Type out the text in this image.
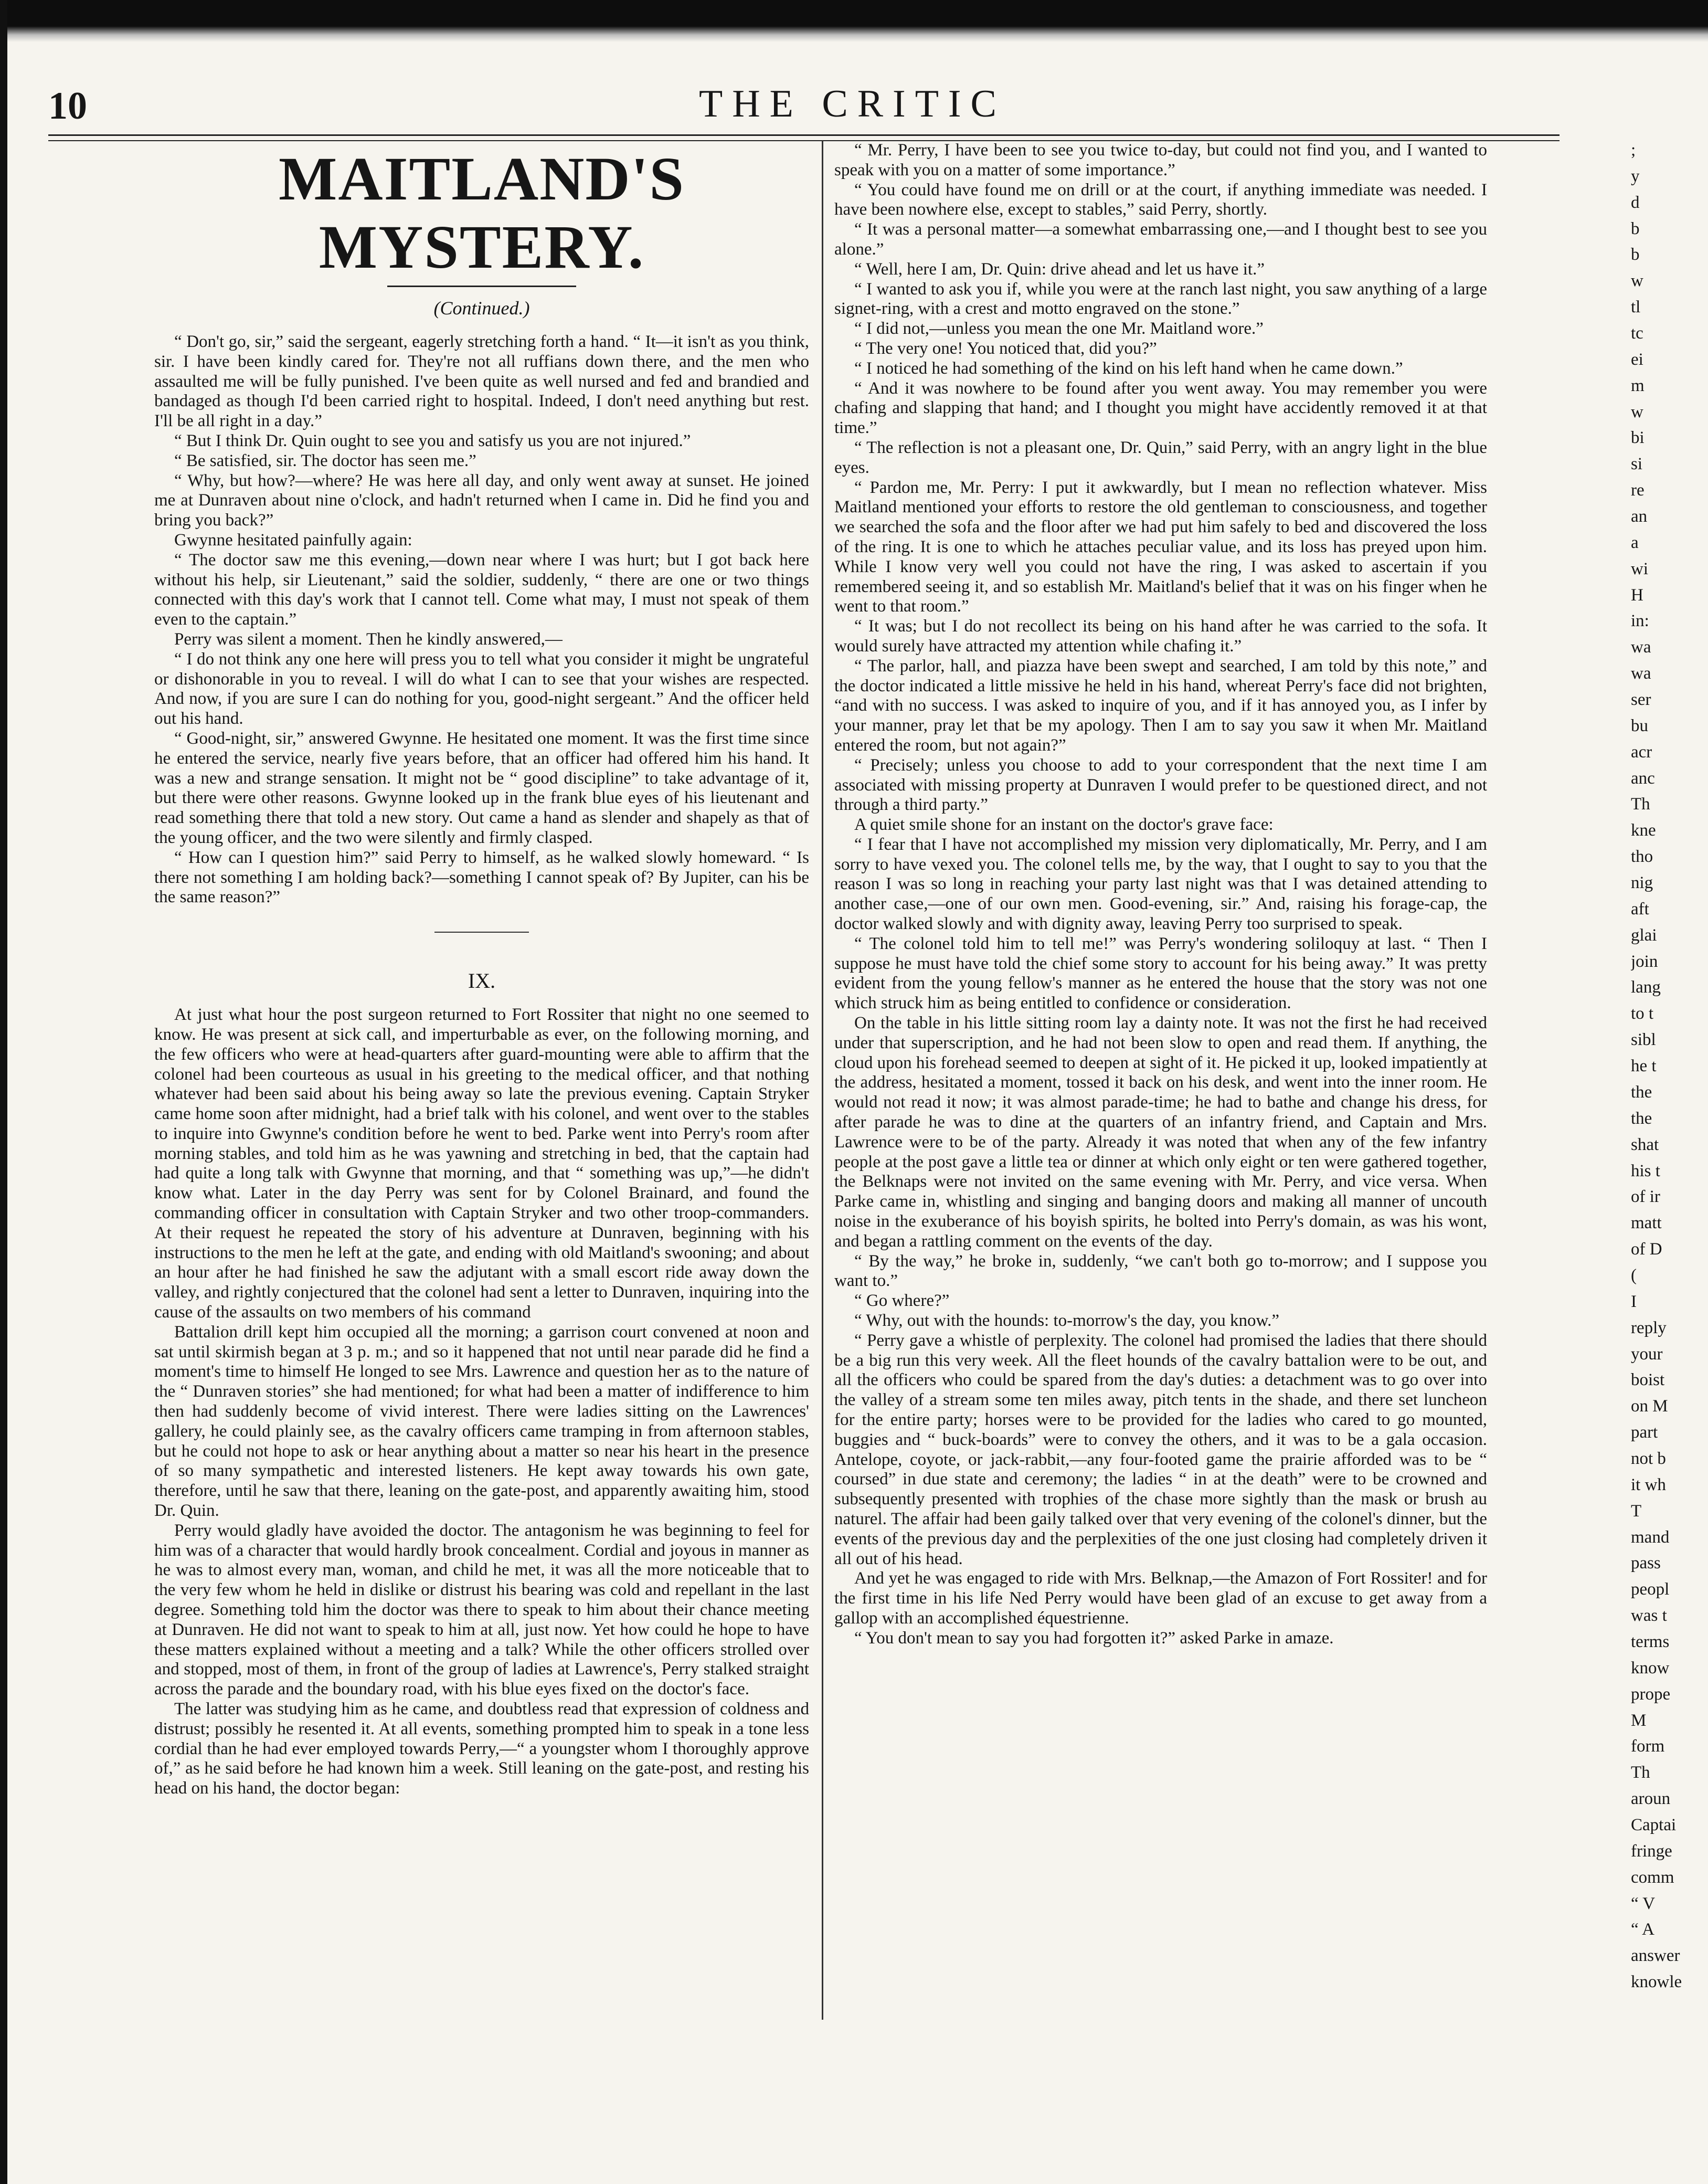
10	THE CRITIC
MAITLAND'S MYSTERY.
(Continued.)

“ Don't go, sir,” said the sergeant, eagerly stretching forth a hand. “ It—it isn't as you think, sir. I have been kindly cared for. They're not all ruffians down there, and the men who assaulted me will be fully punished. I've been quite as well nursed and fed and brandied and bandaged as though I'd been carried right to hospital. Indeed, I don't need anything but rest. I'll be all right in a day.”

“ But I think Dr. Quin ought to see you and satisfy us you are not injured.”

“ Be satisfied, sir. The doctor has seen me.”

“ Why, but how?—where? He was here all day, and only went away at sunset. He joined me at Dunraven about nine o'clock, and hadn't returned when I came in. Did he find you and bring you back?”

Gwynne hesitated painfully again:

“ The doctor saw me this evening,—down near where I was hurt; but I got back here without his help, sir Lieutenant,” said the soldier, suddenly, “ there are one or two things connected with this day's work that I cannot tell. Come what may, I must not speak of them even to the captain.”

Perry was silent a moment. Then he kindly answered,—

“ I do not think any one here will press you to tell what you consider it might be ungrateful or dishonorable in you to reveal. I will do what I can to see that your wishes are respected. And now, if you are sure I can do nothing for you, good-night sergeant.” And the officer held out his hand.

“ Good-night, sir,” answered Gwynne. He hesitated one moment. It was the first time since he entered the service, nearly five years before, that an officer had offered him his hand. It was a new and strange sensation. It might not be “ good discipline” to take advantage of it, but there were other reasons. Gwynne looked up in the frank blue eyes of his lieutenant and read something there that told a new story. Out came a hand as slender and shapely as that of the young officer, and the two were silently and firmly clasped.

“ How can I question him?” said Perry to himself, as he walked slowly homeward. “ Is there not something I am holding back?—something I cannot speak of? By Jupiter, can his be the same reason?”

IX.

At just what hour the post surgeon returned to Fort Rossiter that night no one seemed to know. He was present at sick call, and imperturbable as ever, on the following morning, and the few officers who were at head-quarters after guard-mounting were able to affirm that the colonel had been courteous as usual in his greeting to the medical officer, and that nothing whatever had been said about his being away so late the previous evening. Captain Stryker came home soon after midnight, had a brief talk with his colonel, and went over to the stables to inquire into Gwynne's condition before he went to bed. Parke went into Perry's room after morning stables, and told him as he was yawning and stretching in bed, that the captain had had quite a long talk with Gwynne that morning, and that “ something was up,”—he didn't know what. Later in the day Perry was sent for by Colonel Brainard, and found the commanding officer in consultation with Captain Stryker and two other troop-commanders. At their request he repeated the story of his adventure at Dunraven, beginning with his instructions to the men he left at the gate, and ending with old Maitland's swooning; and about an hour after he had finished he saw the adjutant with a small escort ride away down the valley, and rightly conjectured that the colonel had sent a letter to Dunraven, inquiring into the cause of the assaults on two members of his command

Battalion drill kept him occupied all the morning; a garrison court convened at noon and sat until skirmish began at 3 p. m.; and so it happened that not until near parade did he find a moment's time to himself He longed to see Mrs. Lawrence and question her as to the nature of the “ Dunraven stories” she had mentioned; for what had been a matter of indifference to him then had suddenly become of vivid interest. There were ladies sitting on the Lawrences' gallery, he could plainly see, as the cavalry officers came tramping in from afternoon stables, but he could not hope to ask or hear anything about a matter so near his heart in the presence of so many sympathetic and interested listeners. He kept away towards his own gate, therefore, until he saw that there, leaning on the gate-post, and apparently awaiting him, stood Dr. Quin.

Perry would gladly have avoided the doctor. The antagonism he was beginning to feel for him was of a character that would hardly brook concealment. Cordial and joyous in manner as he was to almost every man, woman, and child he met, it was all the more noticeable that to the very few whom he held in dislike or distrust his bearing was cold and repellant in the last degree. Something told him the doctor was there to speak to him about their chance meeting at Dunraven. He did not want to speak to him at all, just now. Yet how could he hope to have these matters explained without a meeting and a talk? While the other officers strolled over and stopped, most of them, in front of the group of ladies at Lawrence's, Perry stalked straight across the parade and the boundary road, with his blue eyes fixed on the doctor's face.

The latter was studying him as he came, and doubtless read that expression of coldness and distrust; possibly he resented it. At all events, something prompted him to speak in a tone less cordial than he had ever employed towards Perry,—“ a youngster whom I thoroughly approve of,” as he said before he had known him a week. Still leaning on the gate-post, and resting his head on his hand, the doctor began:

“ Mr. Perry, I have been to see you twice to-day, but could not find you, and I wanted to speak with you on a matter of some importance.”

“ You could have found me on drill or at the court, if anything immediate was needed. I have been nowhere else, except to stables,” said Perry, shortly.

“ It was a personal matter—a somewhat embarrassing one,—and I thought best to see you alone.”

“ Well, here I am, Dr. Quin: drive ahead and let us have it.”

“ I wanted to ask you if, while you were at the ranch last night, you saw anything of a large signet-ring, with a crest and motto engraved on the stone.”

“ I did not,—unless you mean the one Mr. Maitland wore.”

“ The very one! You noticed that, did you?”

“ I noticed he had something of the kind on his left hand when he came down.”

“ And it was nowhere to be found after you went away. You may remember you were chafing and slapping that hand; and I thought you might have accidently removed it at that time.”

“ The reflection is not a pleasant one, Dr. Quin,” said Perry, with an angry light in the blue eyes.

“ Pardon me, Mr. Perry: I put it awkwardly, but I mean no reflection whatever. Miss Maitland mentioned your efforts to restore the old gentleman to consciousness, and together we searched the sofa and the floor after we had put him safely to bed and discovered the loss of the ring. It is one to which he attaches peculiar value, and its loss has preyed upon him. While I know very well you could not have the ring, I was asked to ascertain if you remembered seeing it, and so establish Mr. Maitland's belief that it was on his finger when he went to that room.”

“ It was; but I do not recollect its being on his hand after he was carried to the sofa. It would surely have attracted my attention while chafing it.”

“ The parlor, hall, and piazza have been swept and searched, I am told by this note,” and the doctor indicated a little missive he held in his hand, whereat Perry's face did not brighten, “and with no success. I was asked to inquire of you, and if it has annoyed you, as I infer by your manner, pray let that be my apology. Then I am to say you saw it when Mr. Maitland entered the room, but not again?”

“ Precisely; unless you choose to add to your correspondent that the next time I am associated with missing property at Dunraven I would prefer to be questioned direct, and not through a third party.”

A quiet smile shone for an instant on the doctor's grave face:

“ I fear that I have not accomplished my mission very diplomatically, Mr. Perry, and I am sorry to have vexed you. The colonel tells me, by the way, that I ought to say to you that the reason I was so long in reaching your party last night was that I was detained attending to another case,—one of our own men. Good-evening, sir.” And, raising his forage-cap, the doctor walked slowly and with dignity away, leaving Perry too surprised to speak.

“ The colonel told him to tell me!” was Perry's wondering soliloquy at last. “ Then I suppose he must have told the chief some story to account for his being away.” It was pretty evident from the young fellow's manner as he entered the house that the story was not one which struck him as being entitled to confidence or consideration.

On the table in his little sitting room lay a dainty note. It was not the first he had received under that superscription, and he had not been slow to open and read them. If anything, the cloud upon his forehead seemed to deepen at sight of it. He picked it up, looked impatiently at the address, hesitated a moment, tossed it back on his desk, and went into the inner room. He would not read it now; it was almost parade-time; he had to bathe and change his dress, for after parade he was to dine at the quarters of an infantry friend, and Captain and Mrs. Lawrence were to be of the party. Already it was noted that when any of the few infantry people at the post gave a little tea or dinner at which only eight or ten were gathered together, the Belknaps were not invited on the same evening with Mr. Perry, and vice versa. When Parke came in, whistling and singing and banging doors and making all manner of uncouth noise in the exuberance of his boyish spirits, he bolted into Perry's domain, as was his wont, and began a rattling comment on the events of the day.

“ By the way,” he broke in, suddenly, “we can't both go to-morrow; and I suppose you want to.”

“ Go where?”

“ Why, out with the hounds: to-morrow's the day, you know.”

“ Perry gave a whistle of perplexity. The colonel had promised the ladies that there should be a big run this very week. All the fleet hounds of the cavalry battalion were to be out, and all the officers who could be spared from the day's duties: a detachment was to go over into the valley of a stream some ten miles away, pitch tents in the shade, and there set luncheon for the entire party; horses were to be provided for the ladies who cared to go mounted, buggies and “ buck-boards” were to convey the others, and it was to be a gala occasion. Antelope, coyote, or jack-rabbit,—any four-footed game the prairie afforded was to be “ coursed” in due state and ceremony; the ladies “ in at the death” were to be crowned and subsequently presented with trophies of the chase more sightly than the mask or brush au naturel. The affair had been gaily talked over that very evening of the colonel's dinner, but the events of the previous day and the perplexities of the one just closing had completely driven it all out of his head.

And yet he was engaged to ride with Mrs. Belknap,—the Amazon of Fort Rossiter! and for the first time in his life Ned Perry would have been glad of an excuse to get away from a gallop with an accomplished équestrienne.

“ You don't mean to say you had forgotten it?” asked Parke in amaze.

;
y
d
b
b
w
tl
tc
ei
m
w
bi
si
re
an
a
wi
H
in:
wa
wa
ser
bu
acr
anc
Th
kne
tho
nig
aft
glai
join
lang
to t
sibl
he t
the
the
shat
his t
of ir
matt
of D
(
I
reply
your
boist
on M
part
not b
it wh
T
mand
pass
peopl
was t
terms
know
prope
M
form
Th
aroun
Captai
fringe
comm
“ V
“ A
answer
knowle
